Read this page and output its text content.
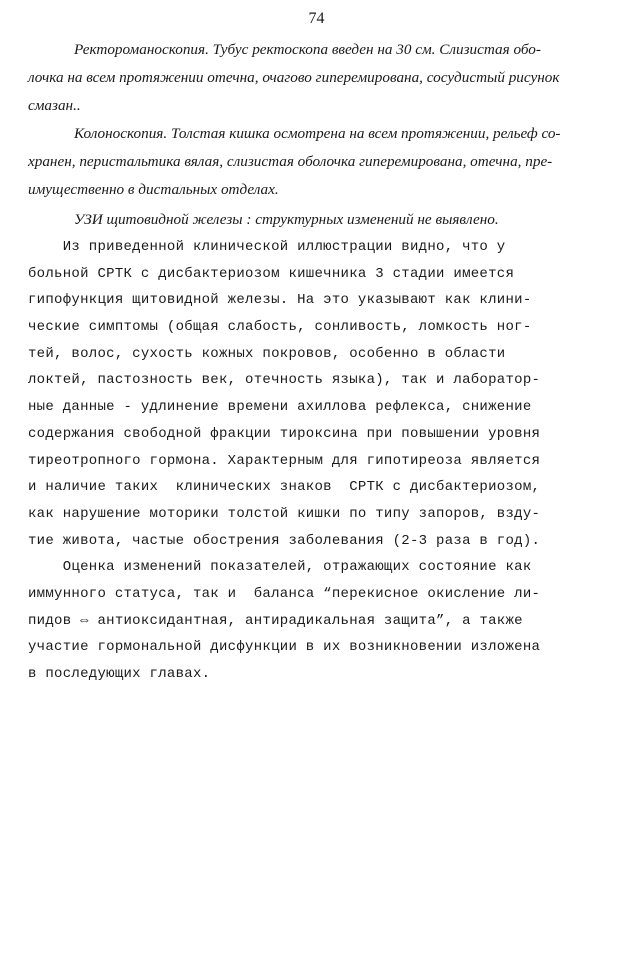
74

Ректороманоскопия. Тубус ректоскопа введен на 30 см. Слизистая обо-
лочка на всем протяжении отечна, очагово гиперемирована, сосудистый рисунок
смазан..

Колоноскопия. Толстая кишка осмотрена на всем протяжении, рельеф со-
хранен, перистальтика вялая, слизистая оболочка гиперемирована, отечна, пре-
имущественно в дистальных отделах.

УЗИ щитовидной железы : структурных изменений не выявлено.

Из приведенной клинической иллюстрации видно, что у
больной СРТК с дисбактериозом кишечника 3 стадии имеется
гипофункция щитовидной железы. На это указывают как клини-
ческие симптомы (общая слабость, сонливость, ломкость ног-
тей, волос, сухость кожных покровов, особенно в области
локтей, пастозность век, отечность языка), так и лаборатор-
ные данные - удлинение времени ахиллова рефлекса, снижение
содержания свободной фракции тироксина при повышении уровня
тиреотропного гормона. Характерным для гипотиреоза является
и наличие таких  клинических знаков  СРТК с дисбактериозом,
как нарушение моторики толстой кишки по типу запоров, взду-
тие живота, частые обострения заболевания (2-3 раза в год).
Оценка изменений показателей, отражающих состояние как
иммунного статуса, так и  баланса “перекисное окисление ли-
пидов ⇔ антиоксидантная, антирадикальная защита”, а также
участие гормональной дисфункции в их возникновении изложена
в последующих главах.
